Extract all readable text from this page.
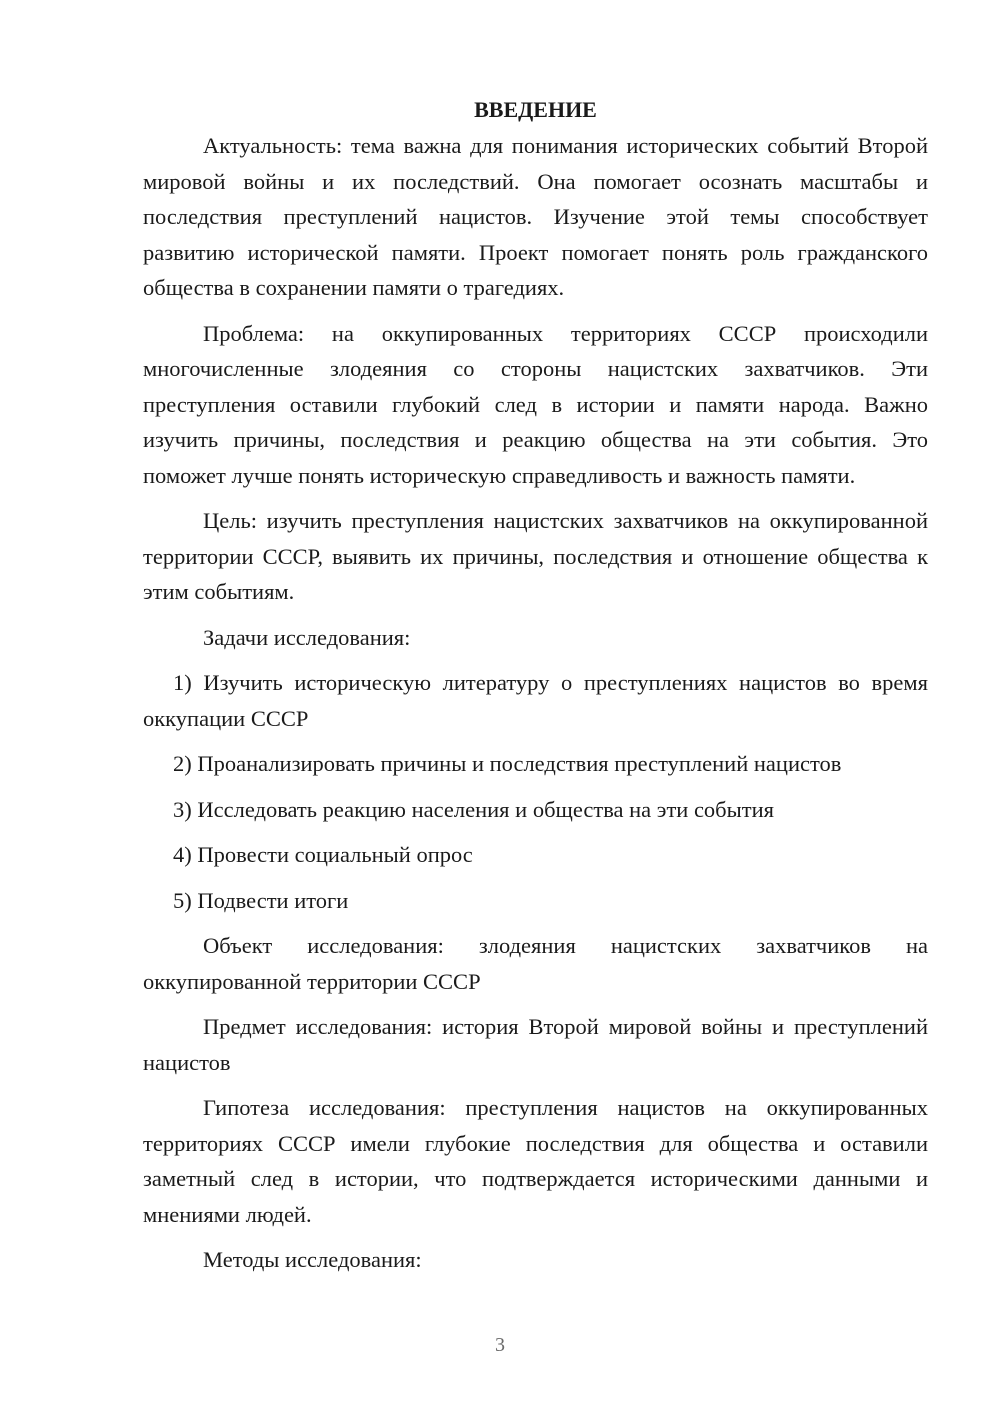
ВВЕДЕНИЕ

Актуальность: тема важна для понимания исторических событий Второй мировой войны и их последствий. Она помогает осознать масштабы и последствия преступлений нацистов. Изучение этой темы способствует развитию исторической памяти. Проект помогает понять роль гражданского общества в сохранении памяти о трагедиях.

Проблема: на оккупированных территориях СССР происходили многочисленные злодеяния со стороны нацистских захватчиков. Эти преступления оставили глубокий след в истории и памяти народа. Важно изучить причины, последствия и реакцию общества на эти события. Это поможет лучше понять историческую справедливость и важность памяти.

Цель: изучить преступления нацистских захватчиков на оккупированной территории СССР, выявить их причины, последствия и отношение общества к этим событиям.

Задачи исследования:

1) Изучить историческую литературу о преступлениях нацистов во время оккупации СССР

2) Проанализировать причины и последствия преступлений нацистов

3) Исследовать реакцию населения и общества на эти события

4) Провести социальный опрос

5) Подвести итоги

Объект исследования: злодеяния нацистских захватчиков на оккупированной территории СССР

Предмет исследования: история Второй мировой войны и преступлений нацистов

Гипотеза исследования: преступления нацистов на оккупированных территориях СССР имели глубокие последствия для общества и оставили заметный след в истории, что подтверждается историческими данными и мнениями людей.

Методы исследования:

3
